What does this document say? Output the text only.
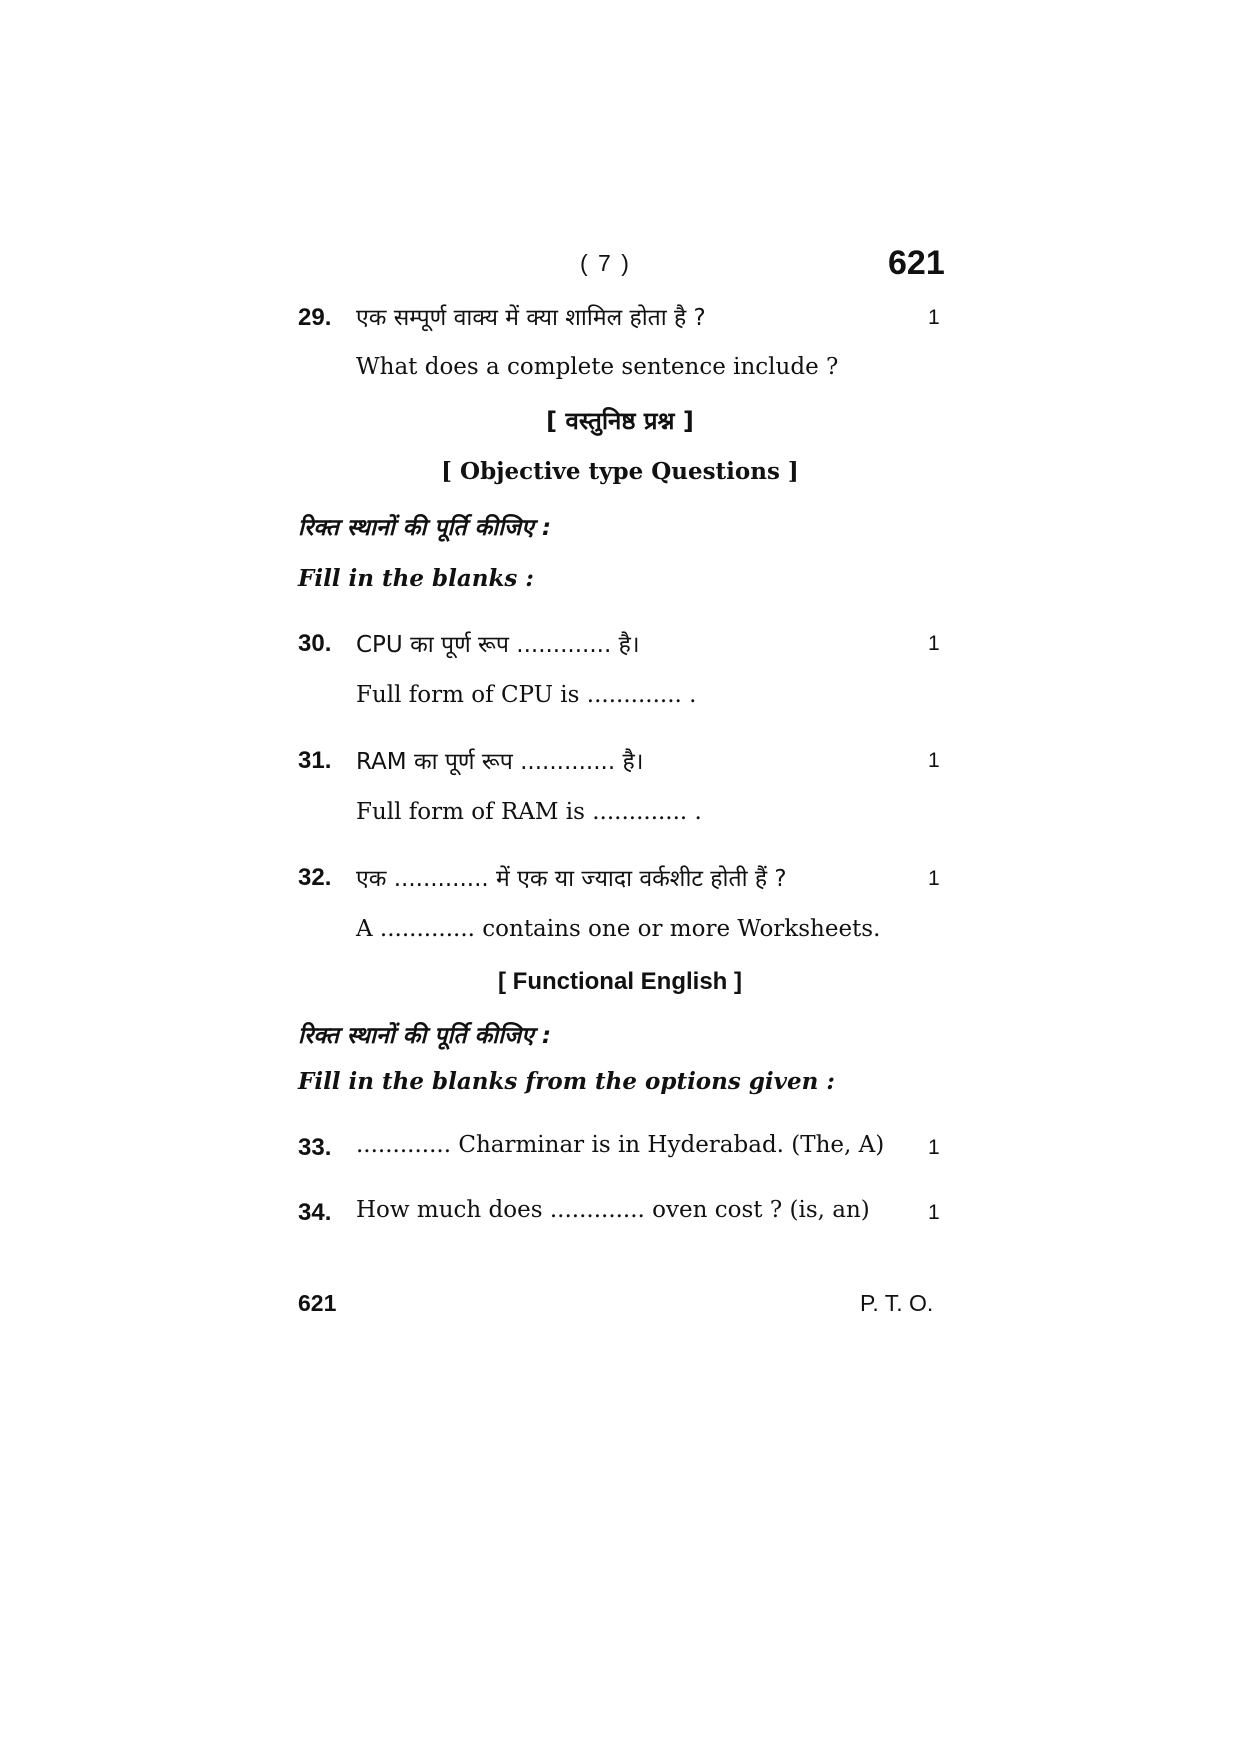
( 7 )	621
29. एक सम्पूर्ण वाक्य में क्या शामिल होता है ?	1
What does a complete sentence include ?
[ वस्तुनिष्ठ प्रश्न ]
[ Objective type Questions ]
रिक्त स्थानों की पूर्ति कीजिए :
Fill in the blanks :
30. CPU का पूर्ण रूप ............. है।	1
Full form of CPU is ............. .
31. RAM का पूर्ण रूप ............. है।	1
Full form of RAM is ............. .
32. एक ............. में एक या ज्यादा वर्कशीट होती हैं ?	1
A ............. contains one or more Worksheets.
[ Functional English ]
रिक्त स्थानों की पूर्ति कीजिए :
Fill in the blanks from the options given :
33. ............. Charminar is in Hyderabad. (The, A) 1
34. How much does ............. oven cost ? (is, an)	1
621	P. T. O.
